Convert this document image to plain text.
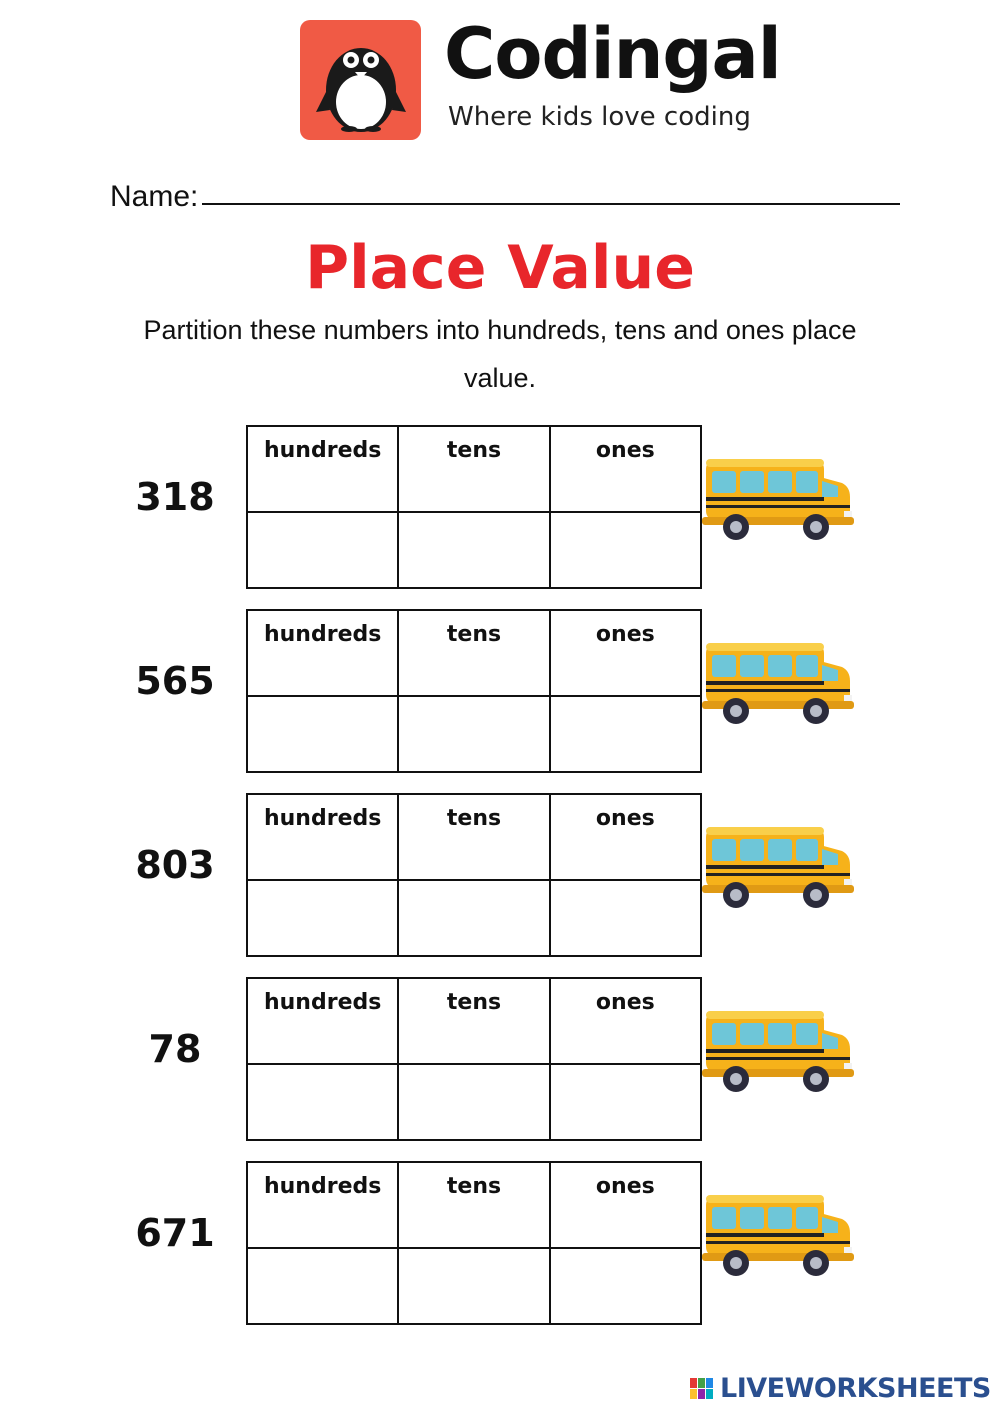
Codingal
Where kids love coding
Name:
Place Value
Partition these numbers into hundreds, tens and ones place value.
318
hundreds	tens	ones

565
hundreds	tens	ones

803
hundreds	tens	ones

78
hundreds	tens	ones

671
hundreds	tens	ones

LIVEWORKSHEETS
